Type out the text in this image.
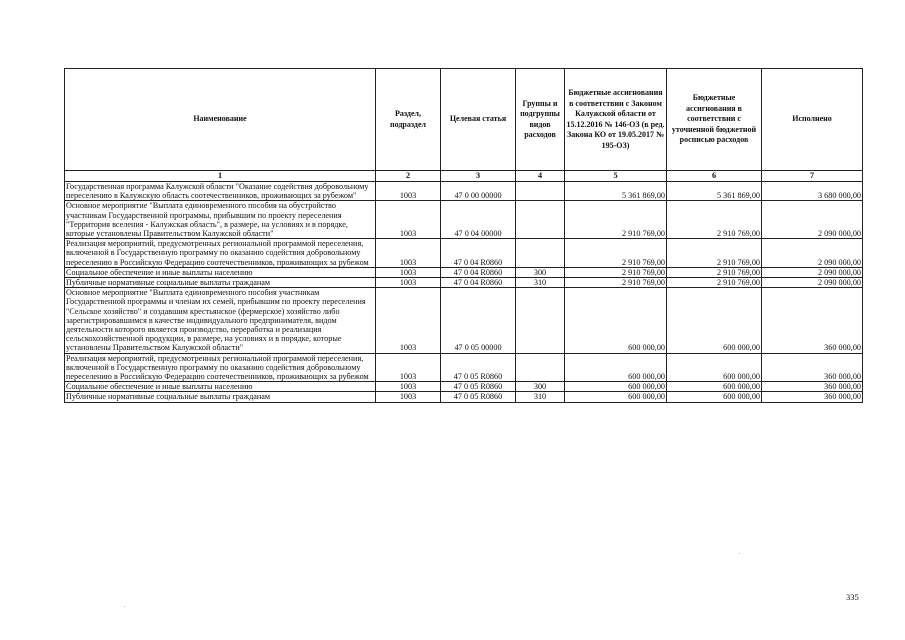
Наименование	Раздел, подраздел	Целевая статья	Группы и подгруппы видов расходов	Бюджетные ассигнования в соответствии с Законом Калужской области от 15.12.2016 № 146-ОЗ (в ред. Закона КО от 19.05.2017 № 195-ОЗ)	Бюджетные ассигнования в соответствии с уточненной бюджетной росписью расходов	Исполнено
1	2	3	4	5	6	7
Государственная программа Калужской области "Оказание содействия добровольному переселению в Калужскую область соотечественников, проживающих за рубежом"	1003	47 0 00 00000		5 361 869,00	5 361 869,00	3 680 000,00
Основное мероприятие "Выплата единовременного пособия на обустройство участникам Государственной программы, прибывшим по проекту переселения "Территория вселения - Калужская область", в размере, на условиях и в порядке, которые установлены Правительством Калужской области"	1003	47 0 04 00000		2 910 769,00	2 910 769,00	2 090 000,00
Реализация мероприятий, предусмотренных региональной программой переселения, включенной в Государственную программу по оказанию содействия добровольному переселению в Российскую Федерацию соотечественников, проживающих за рубежом	1003	47 0 04 R0860		2 910 769,00	2 910 769,00	2 090 000,00
Социальное обеспечение и иные выплаты населению	1003	47 0 04 R0860	300	2 910 769,00	2 910 769,00	2 090 000,00
Публичные нормативные социальные выплаты гражданам	1003	47 0 04 R0860	310	2 910 769,00	2 910 769,00	2 090 000,00
Основное мероприятие "Выплата единовременного пособия участникам Государственной программы и членам их семей, прибывшим по проекту переселения "Сельское хозяйство" и создавшим крестьянское (фермерское) хозяйство либо зарегистрировавшимся в качестве индивидуального предпринимателя, видом деятельности которого является производство, переработка и реализация сельскохозяйственной продукции, в размере, на условиях и в порядке, которые установлены Правительством Калужской области"	1003	47 0 05 00000		600 000,00	600 000,00	360 000,00
Реализация мероприятий, предусмотренных региональной программой переселения, включенной в Государственную программу по оказанию содействия добровольному переселению в Российскую Федерацию соотечественников, проживающих за рубежом	1003	47 0 05 R0860		600 000,00	600 000,00	360 000,00
Социальное обеспечение и иные выплаты населению	1003	47 0 05 R0860	300	600 000,00	600 000,00	360 000,00
Публичные нормативные социальные выплаты гражданам	1003	47 0 05 R0860	310	600 000,00	600 000,00	360 000,00
335
